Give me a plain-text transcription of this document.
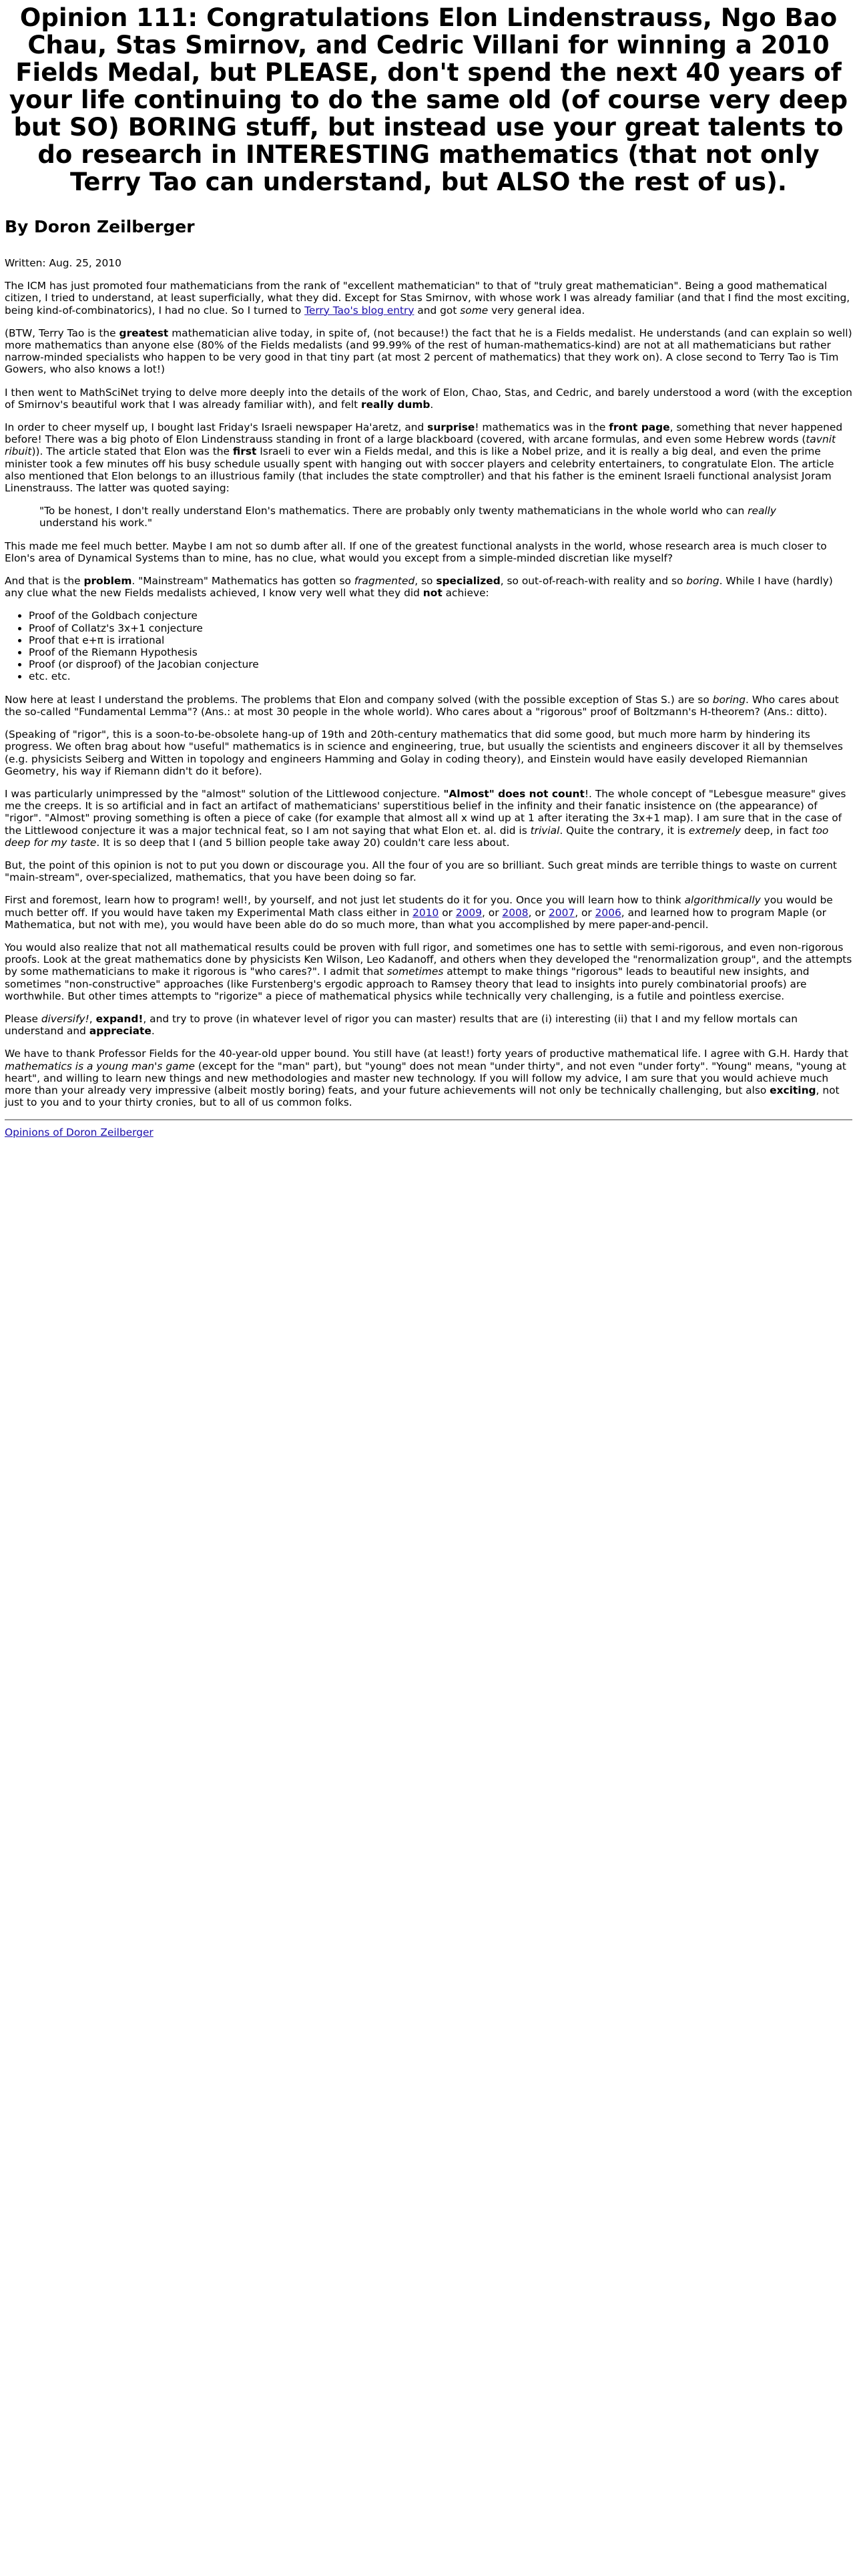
Opinion 111: Congratulations Elon Lindenstrauss, Ngo Bao Chau, Stas Smirnov, and Cedric Villani for winning a 2010 Fields Medal, but PLEASE, don't spend the next 40 years of your life continuing to do the same old (of course very deep but SO) BORING stuff, but instead use your great talents to do research in INTERESTING mathematics (that not only Terry Tao can understand, but ALSO the rest of us).
By Doron Zeilberger

Written: Aug. 25, 2010

The ICM has just promoted four mathematicians from the rank of "excellent mathematician" to that of "truly great mathematician". Being a good mathematical citizen, I tried to understand, at least superficially, what they did. Except for Stas Smirnov, with whose work I was already familiar (and that I find the most exciting, being kind-of-combinatorics), I had no clue. So I turned to Terry Tao's blog entry and got some very general idea.

(BTW, Terry Tao is the greatest mathematician alive today, in spite of, (not because!) the fact that he is a Fields medalist. He understands (and can explain so well) more mathematics than anyone else (80% of the Fields medalists (and 99.99% of the rest of human-mathematics-kind) are not at all mathematicians but rather narrow-minded specialists who happen to be very good in that tiny part (at most 2 percent of mathematics) that they work on). A close second to Terry Tao is Tim Gowers, who also knows a lot!)

I then went to MathSciNet trying to delve more deeply into the details of the work of Elon, Chao, Stas, and Cedric, and barely understood a word (with the exception of Smirnov's beautiful work that I was already familiar with), and felt really dumb.

In order to cheer myself up, I bought last Friday's Israeli newspaper Ha'aretz, and surprise! mathematics was in the front page, something that never happened before! There was a big photo of Elon Lindenstrauss standing in front of a large blackboard (covered, with arcane formulas, and even some Hebrew words (tavnit ribuit)). The article stated that Elon was the first Israeli to ever win a Fields medal, and this is like a Nobel prize, and it is really a big deal, and even the prime minister took a few minutes off his busy schedule usually spent with hanging out with soccer players and celebrity entertainers, to congratulate Elon. The article also mentioned that Elon belongs to an illustrious family (that includes the state comptroller) and that his father is the eminent Israeli functional analysist Joram Linenstrauss. The latter was quoted saying:

"To be honest, I don't really understand Elon's mathematics. There are probably only twenty mathematicians in the whole world who can really understand his work."

This made me feel much better. Maybe I am not so dumb after all. If one of the greatest functional analysts in the world, whose research area is much closer to Elon's area of Dynamical Systems than to mine, has no clue, what would you except from a simple-minded discretian like myself?

And that is the problem. "Mainstream" Mathematics has gotten so fragmented, so specialized, so out-of-reach-with reality and so boring. While I have (hardly) any clue what the new Fields medalists achieved, I know very well what they did not achieve:

• Proof of the Goldbach conjecture
• Proof of Collatz's 3x+1 conjecture
• Proof that e+π is irrational
• Proof of the Riemann Hypothesis
• Proof (or disproof) of the Jacobian conjecture
• etc. etc.

Now here at least I understand the problems. The problems that Elon and company solved (with the possible exception of Stas S.) are so boring. Who cares about the so-called "Fundamental Lemma"? (Ans.: at most 30 people in the whole world). Who cares about a "rigorous" proof of Boltzmann's H-theorem? (Ans.: ditto).

(Speaking of "rigor", this is a soon-to-be-obsolete hang-up of 19th and 20th-century mathematics that did some good, but much more harm by hindering its progress. We often brag about how "useful" mathematics is in science and engineering, true, but usually the scientists and engineers discover it all by themselves (e.g. physicists Seiberg and Witten in topology and engineers Hamming and Golay in coding theory), and Einstein would have easily developed Riemannian Geometry, his way if Riemann didn't do it before).

I was particularly unimpressed by the "almost" solution of the Littlewood conjecture. "Almost" does not count!. The whole concept of "Lebesgue measure" gives me the creeps. It is so artificial and in fact an artifact of mathematicians' superstitious belief in the infinity and their fanatic insistence on (the appearance) of "rigor". "Almost" proving something is often a piece of cake (for example that almost all x wind up at 1 after iterating the 3x+1 map). I am sure that in the case of the Littlewood conjecture it was a major technical feat, so I am not saying that what Elon et. al. did is trivial. Quite the contrary, it is extremely deep, in fact too deep for my taste. It is so deep that I (and 5 billion people take away 20) couldn't care less about.

But, the point of this opinion is not to put you down or discourage you. All the four of you are so brilliant. Such great minds are terrible things to waste on current "main-stream", over-specialized, mathematics, that you have been doing so far.

First and foremost, learn how to program! well!, by yourself, and not just let students do it for you. Once you will learn how to think algorithmically you would be much better off. If you would have taken my Experimental Math class either in 2010 or 2009, or 2008, or 2007, or 2006, and learned how to program Maple (or Mathematica, but not with me), you would have been able do do so much more, than what you accomplished by mere paper-and-pencil.

You would also realize that not all mathematical results could be proven with full rigor, and sometimes one has to settle with semi-rigorous, and even non-rigorous proofs. Look at the great mathematics done by physicists Ken Wilson, Leo Kadanoff, and others when they developed the "renormalization group", and the attempts by some mathematicians to make it rigorous is "who cares?". I admit that sometimes attempt to make things "rigorous" leads to beautiful new insights, and sometimes "non-constructive" approaches (like Furstenberg's ergodic approach to Ramsey theory that lead to insights into purely combinatorial proofs) are worthwhile. But other times attempts to "rigorize" a piece of mathematical physics while technically very challenging, is a futile and pointless exercise.

Please diversify!, expand!, and try to prove (in whatever level of rigor you can master) results that are (i) interesting (ii) that I and my fellow mortals can understand and appreciate.

We have to thank Professor Fields for the 40-year-old upper bound. You still have (at least!) forty years of productive mathematical life. I agree with G.H. Hardy that mathematics is a young man's game (except for the "man" part), but "young" does not mean "under thirty", and not even "under forty". "Young" means, "young at heart", and willing to learn new things and new methodologies and master new technology. If you will follow my advice, I am sure that you would achieve much more than your already very impressive (albeit mostly boring) feats, and your future achievements will not only be technically challenging, but also exciting, not just to you and to your thirty cronies, but to all of us common folks.

Opinions of Doron Zeilberger
